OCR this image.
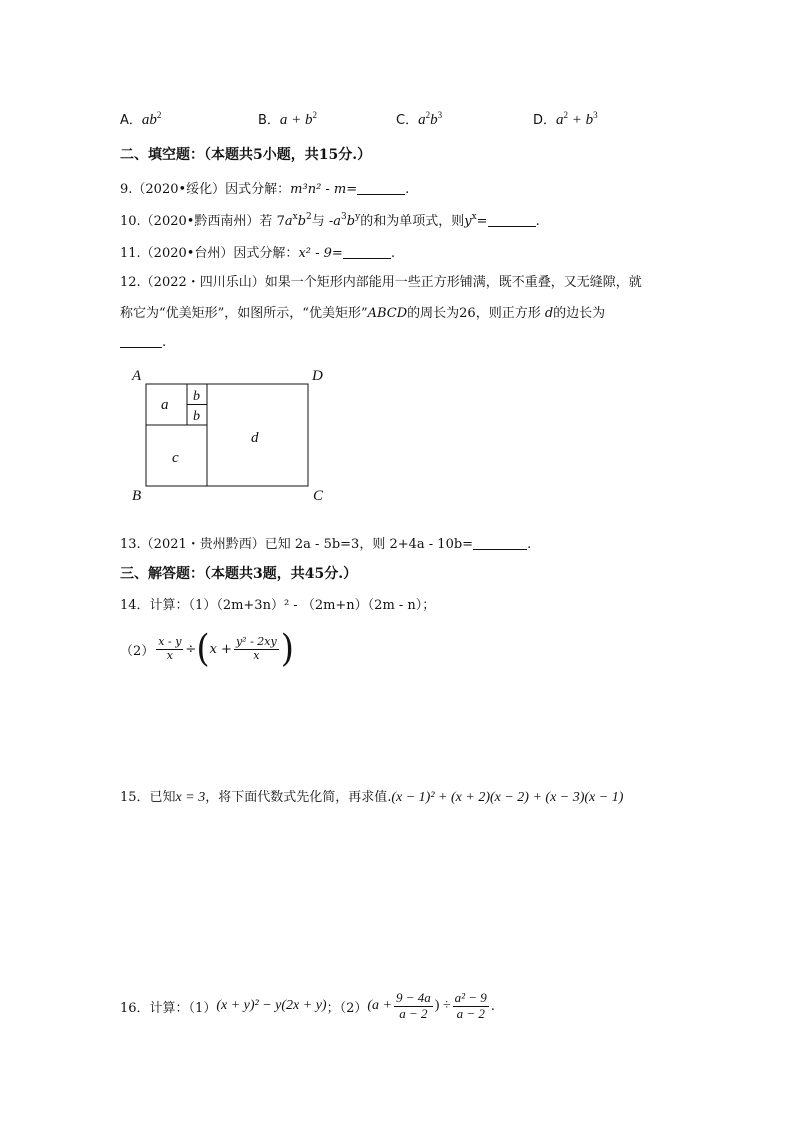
A．$ab^2$	B．$a + b^2$	C．$a^2b^3$	D．$a^2 + b^3$
二、填空题：（本题共5小题，共15分.）
9.（2020•绥化）因式分解：m³n² - m=	.
10.（2020•黔西南州）若 $7a^xb^2$与 $-a^3b^y$的和为单项式，则$y^x=$	.
11.（2020•台州）因式分解：x² - 9=	.
12.（2022・四川乐山）如果一个矩形内部能用一些正方形铺满，既不重叠，又无缝隙，就
称它为“优美矩形”，如图所示，“优美矩形”ABCD的周长为26，则正方形 d的边长为
.
A	D
B	C
a
b
b
c
d
13.（2021・贵州黔西）已知 2a - 5b=3，则 2+4a - 10b=	.
三、解答题：（本题共3题，共45分.）
14．计算：（1）（2m+3n）² - （2m+n）（2m - n）；
$(2) \frac{x - y}{x}$ ÷ ( $x + \frac{\text{y² - 2xy}}{x}$ )
15．已知x = 3，将下面代数式先化简，再求值.(x − 1)² + (x + 2)(x − 2) + (x − 3)(x − 1)
16．计算：（1） (x + y)² − y(2x + y) ；（2） ($a + \frac{9 - 4a}{a - 2}$ ) ÷ $\frac{\text{a² − 9}}{a - 2}$ .
